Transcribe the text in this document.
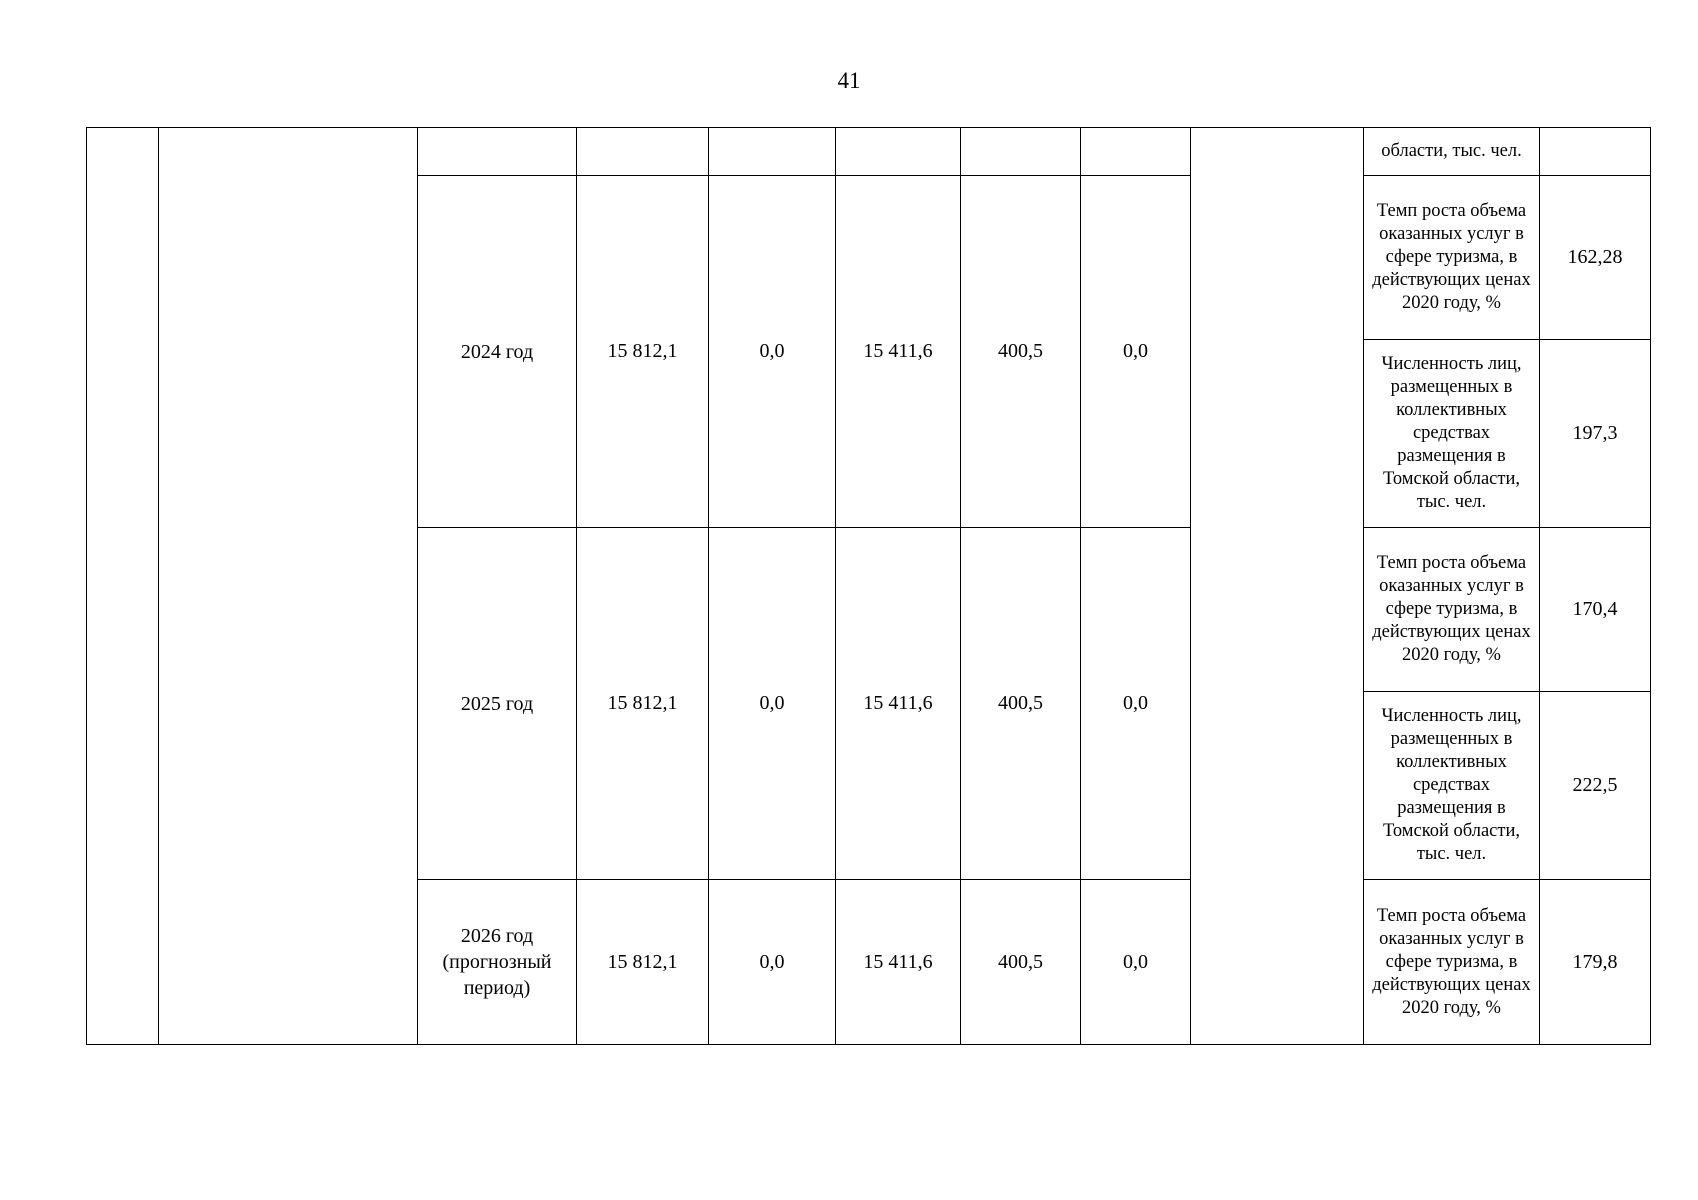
41
									области, тыс. чел.	
		2024 год	15 812,1	0,0	15 411,6	400,5	0,0		Темп роста объема оказанных услуг в сфере туризма, в действующих ценах 2020 году, %	162,28
									Численность лиц, размещенных в коллективных средствах размещения в Томской области, тыс. чел.	197,3
		2025 год	15 812,1	0,0	15 411,6	400,5	0,0		Темп роста объема оказанных услуг в сфере туризма, в действующих ценах 2020 году, %	170,4
									Численность лиц, размещенных в коллективных средствах размещения в Томской области, тыс. чел.	222,5
		2026 год (прогнозный период)	15 812,1	0,0	15 411,6	400,5	0,0		Темп роста объема оказанных услуг в сфере туризма, в действующих ценах 2020 году, %	179,8
